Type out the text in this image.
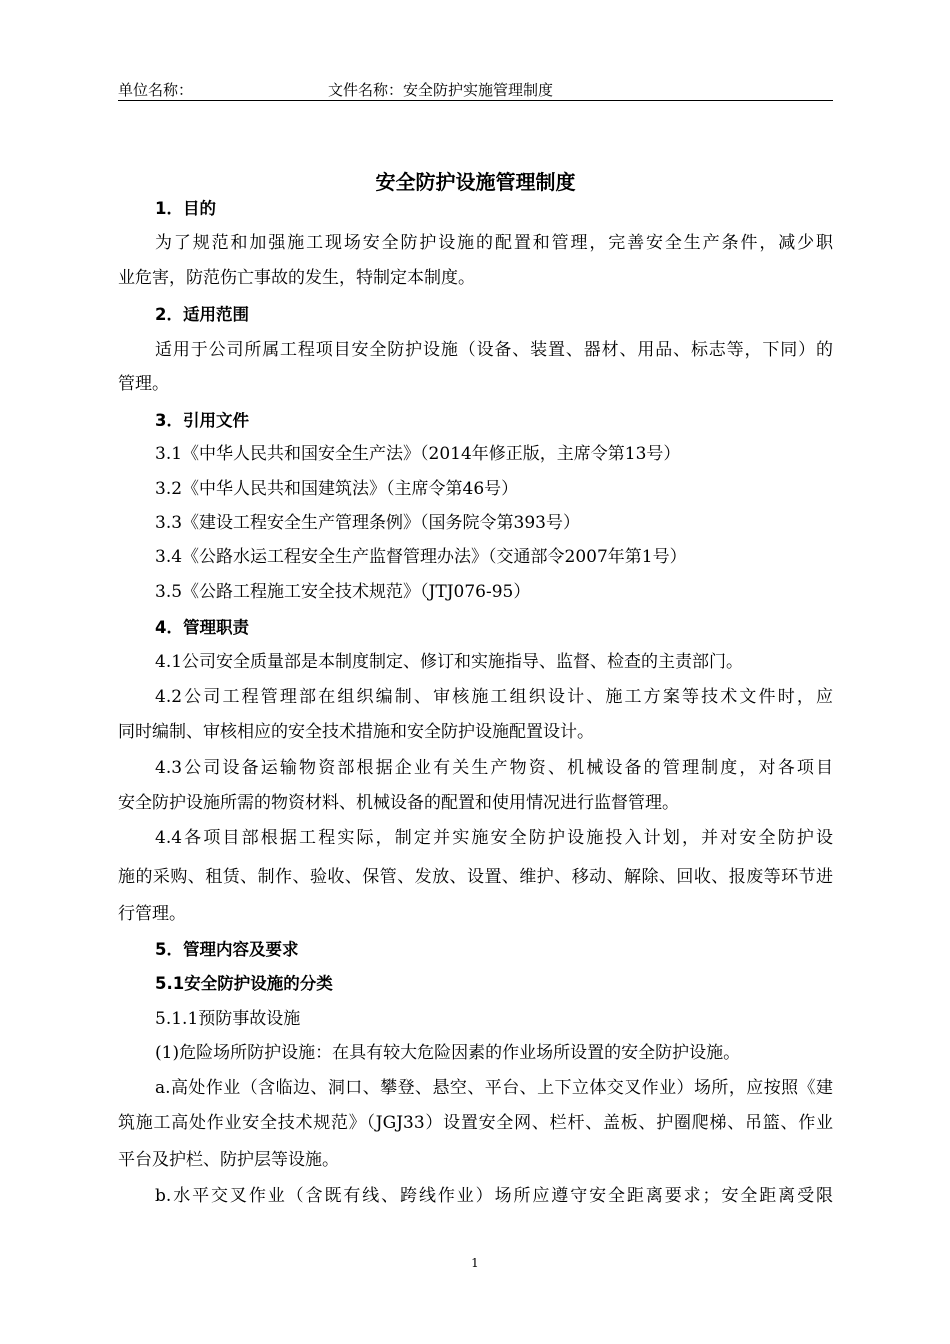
单位名称：	文件名称：安全防护实施管理制度
安全防护设施管理制度
1．目的
为了规范和加强施工现场安全防护设施的配置和管理，完善安全生产条件，减少职
业危害，防范伤亡事故的发生，特制定本制度。
2．适用范围
适用于公司所属工程项目安全防护设施（设备、装置、器材、用品、标志等，下同）的
管理。
3．引用文件
3.1《中华人民共和国安全生产法》（2014年修正版，主席令第13号）
3.2《中华人民共和国建筑法》（主席令第46号）
3.3《建设工程安全生产管理条例》（国务院令第393号）
3.4《公路水运工程安全生产监督管理办法》（交通部令2007年第1号）
3.5《公路工程施工安全技术规范》（JTJ076-95）
4．管理职责
4.1公司安全质量部是本制度制定、修订和实施指导、监督、检查的主责部门。
4.2公司工程管理部在组织编制、审核施工组织设计、施工方案等技术文件时，应
同时编制、审核相应的安全技术措施和安全防护设施配置设计。
4.3公司设备运输物资部根据企业有关生产物资、机械设备的管理制度，对各项目
安全防护设施所需的物资材料、机械设备的配置和使用情况进行监督管理。
4.4各项目部根据工程实际，制定并实施安全防护设施投入计划，并对安全防护设
施的采购、租赁、制作、验收、保管、发放、设置、维护、移动、解除、回收、报废等环节进
行管理。
5．管理内容及要求
5.1安全防护设施的分类
5.1.1预防事故设施
(1)危险场所防护设施：在具有较大危险因素的作业场所设置的安全防护设施。
a.高处作业（含临边、洞口、攀登、悬空、平台、上下立体交叉作业）场所，应按照《建
筑施工高处作业安全技术规范》（JGJ33）设置安全网、栏杆、盖板、护圈爬梯、吊篮、作业
平台及护栏、防护层等设施。
b.水平交叉作业（含既有线、跨线作业）场所应遵守安全距离要求；安全距离受限
1
